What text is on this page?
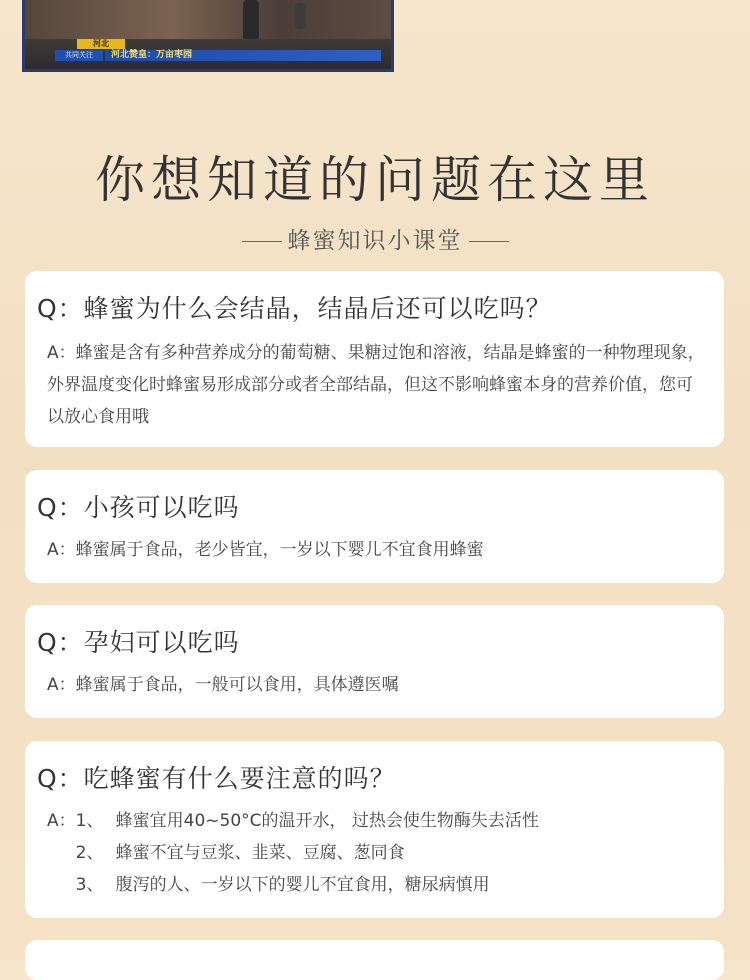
河北
共同关注	河北赞皇：万亩枣园
你想知道的问题在这里
蜂蜜知识小课堂

Q：蜂蜜为什么会结晶，结晶后还可以吃吗？

A：蜂蜜是含有多种营养成分的葡萄糖、果糖过饱和溶液，结晶是蜂蜜的一种物理现象，外界温度变化时蜂蜜易形成部分或者全部结晶，但这不影响蜂蜜本身的营养价值，您可以放心食用哦

Q：小孩可以吃吗

A：蜂蜜属于食品，老少皆宜，一岁以下婴儿不宜食用蜂蜜

Q：孕妇可以吃吗

A：蜂蜜属于食品，一般可以食用，具体遵医嘱

Q：吃蜂蜜有什么要注意的吗？

A： 1、 蜂蜜宜用40~50°C的温开水， 过热会使生物酶失去活性
2、 蜂蜜不宜与豆浆、韭菜、豆腐、葱同食
3、 腹泻的人、一岁以下的婴儿不宜食用，糖尿病慎用
